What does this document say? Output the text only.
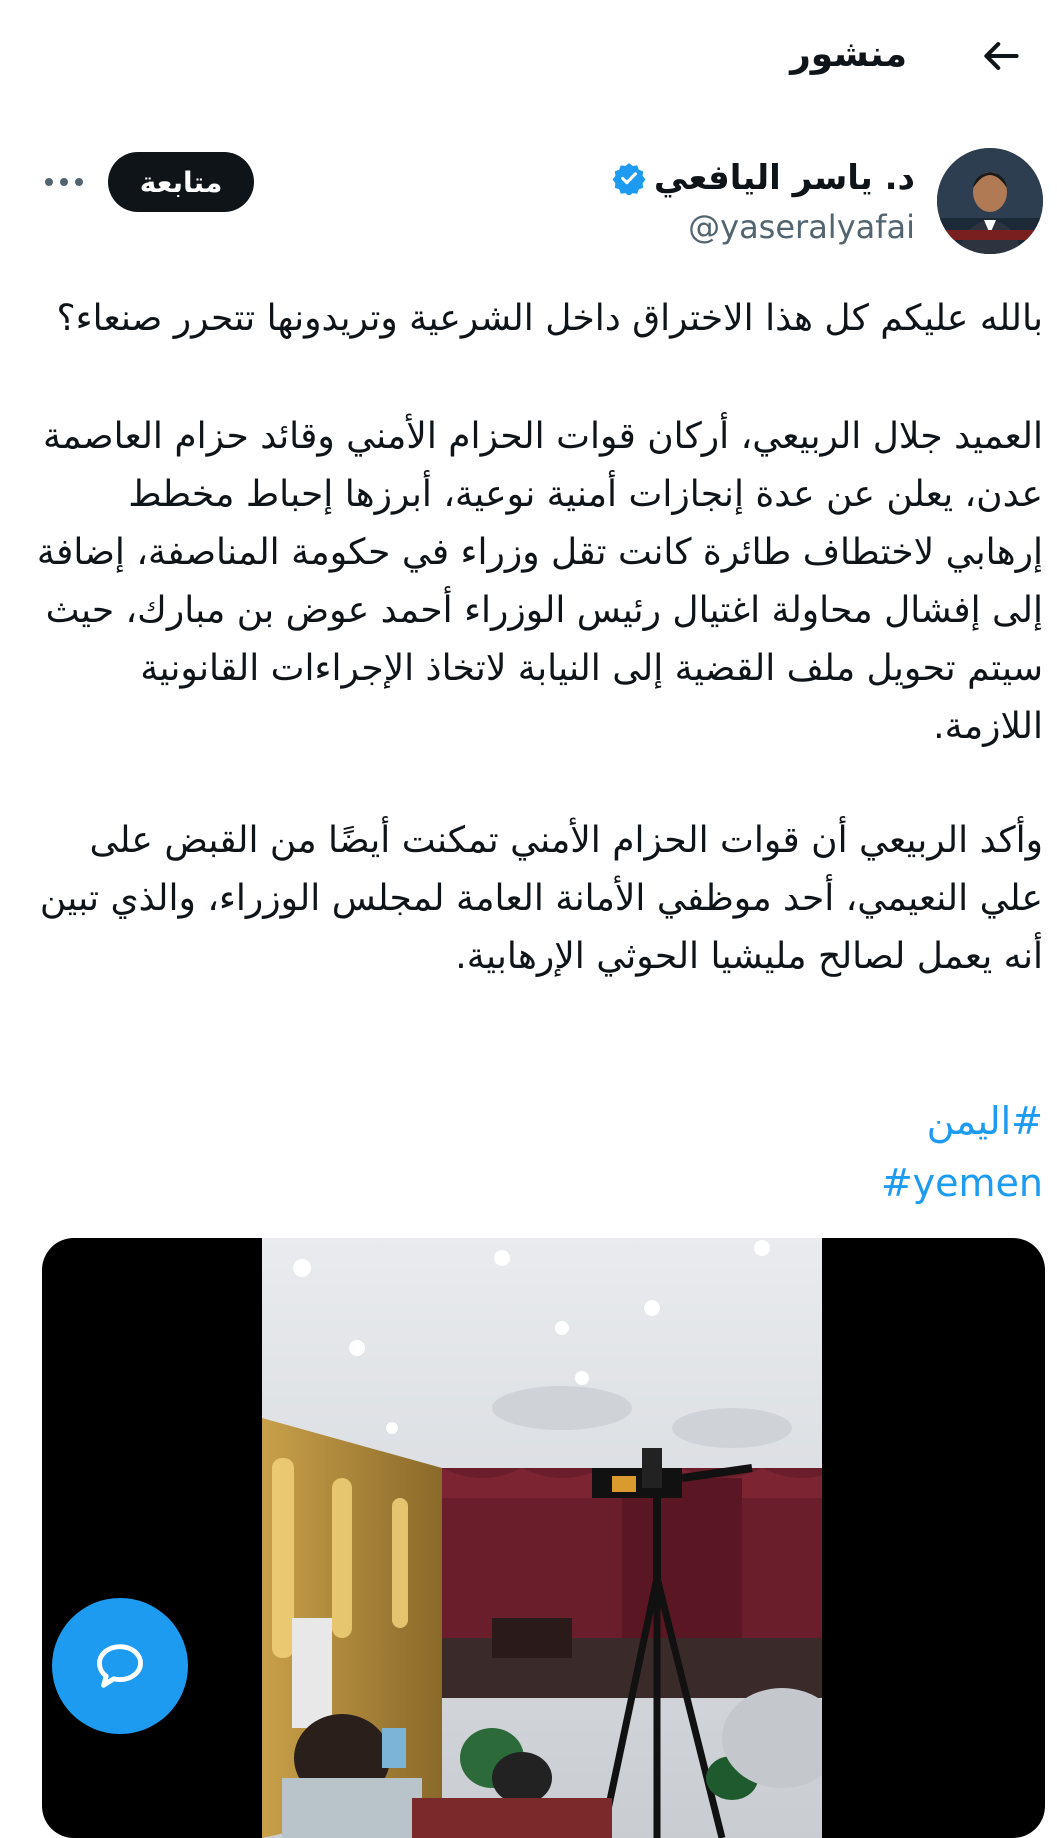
منشور
د. ياسر اليافعي
@yaseralyafai
متابعة

بالله عليكم كل هذا الاختراق داخل الشرعية وتريدونها تتحرر صنعاء؟

العميد جلال الربيعي، أركان قوات الحزام الأمني وقائد حزام العاصمة عدن، يعلن عن عدة إنجازات أمنية نوعية، أبرزها إحباط مخطط إرهابي لاختطاف طائرة كانت تقل وزراء في حكومة المناصفة، إضافة إلى إفشال محاولة اغتيال رئيس الوزراء أحمد عوض بن مبارك، حيث سيتم تحويل ملف القضية إلى النيابة لاتخاذ الإجراءات القانونية اللازمة.

وأكد الربيعي أن قوات الحزام الأمني تمكنت أيضًا من القبض على علي النعيمي، أحد موظفي الأمانة العامة لمجلس الوزراء، والذي تبين أنه يعمل لصالح مليشيا الحوثي الإرهابية.

#اليمن
#yemen
